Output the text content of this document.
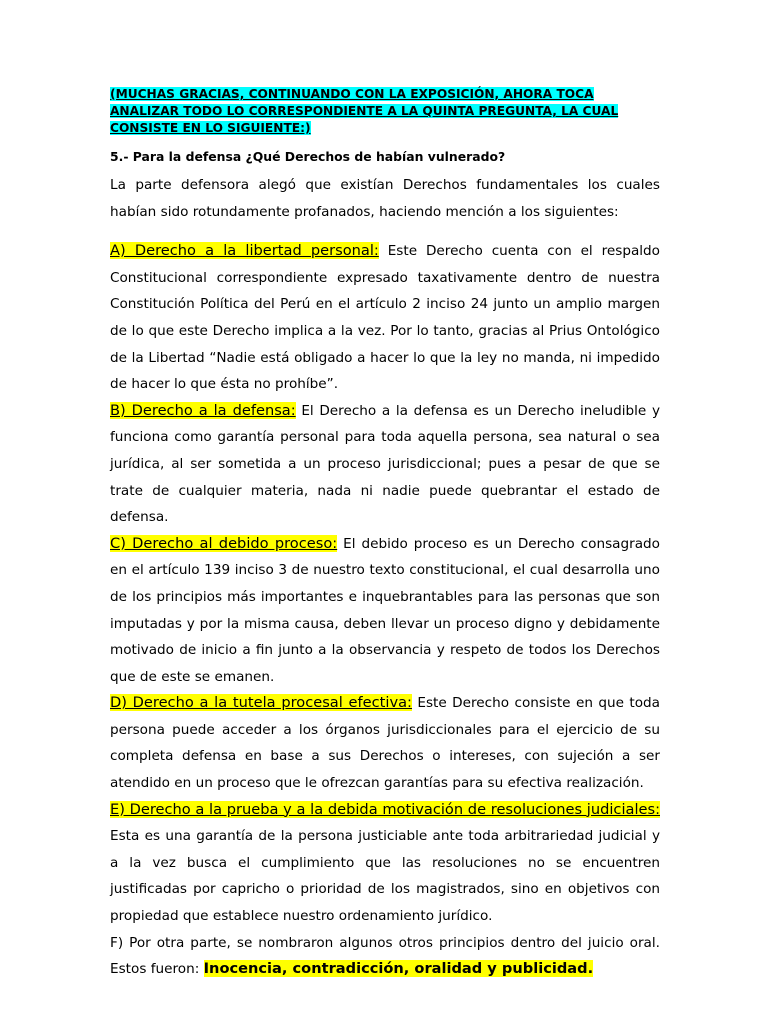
(MUCHAS GRACIAS, CONTINUANDO CON LA EXPOSICIÓN, AHORA TOCA ANALIZAR TODO LO CORRESPONDIENTE A LA QUINTA PREGUNTA, LA CUAL CONSISTE EN LO SIGUIENTE:)

5.- Para la defensa ¿Qué Derechos de habían vulnerado?

La parte defensora alegó que existían Derechos fundamentales los cuales habían sido rotundamente profanados, haciendo mención a los siguientes:

A) Derecho a la libertad personal: Este Derecho cuenta con el respaldo Constitucional correspondiente expresado taxativamente dentro de nuestra Constitución Política del Perú en el artículo 2 inciso 24 junto un amplio margen de lo que este Derecho implica a la vez. Por lo tanto, gracias al Prius Ontológico de la Libertad “Nadie está obligado a hacer lo que la ley no manda, ni impedido de hacer lo que ésta no prohíbe”.

B) Derecho a la defensa: El Derecho a la defensa es un Derecho ineludible y funciona como garantía personal para toda aquella persona, sea natural o sea jurídica, al ser sometida a un proceso jurisdiccional; pues a pesar de que se trate de cualquier materia, nada ni nadie puede quebrantar el estado de defensa.

C) Derecho al debido proceso: El debido proceso es un Derecho consagrado en el artículo 139 inciso 3 de nuestro texto constitucional, el cual desarrolla uno de los principios más importantes e inquebrantables para las personas que son imputadas y por la misma causa, deben llevar un proceso digno y debidamente motivado de inicio a fin junto a la observancia y respeto de todos los Derechos que de este se emanen.

D) Derecho a la tutela procesal efectiva: Este Derecho consiste en que toda persona puede acceder a los órganos jurisdiccionales para el ejercicio de su completa defensa en base a sus Derechos o intereses, con sujeción a ser atendido en un proceso que le ofrezcan garantías para su efectiva realización.

E) Derecho a la prueba y a la debida motivación de resoluciones judiciales: Esta es una garantía de la persona justiciable ante toda arbitrariedad judicial y a la vez busca el cumplimiento que las resoluciones no se encuentren justificadas por capricho o prioridad de los magistrados, sino en objetivos con propiedad que establece nuestro ordenamiento jurídico.

F) Por otra parte, se nombraron algunos otros principios dentro del juicio oral. Estos fueron: Inocencia, contradicción, oralidad y publicidad.
